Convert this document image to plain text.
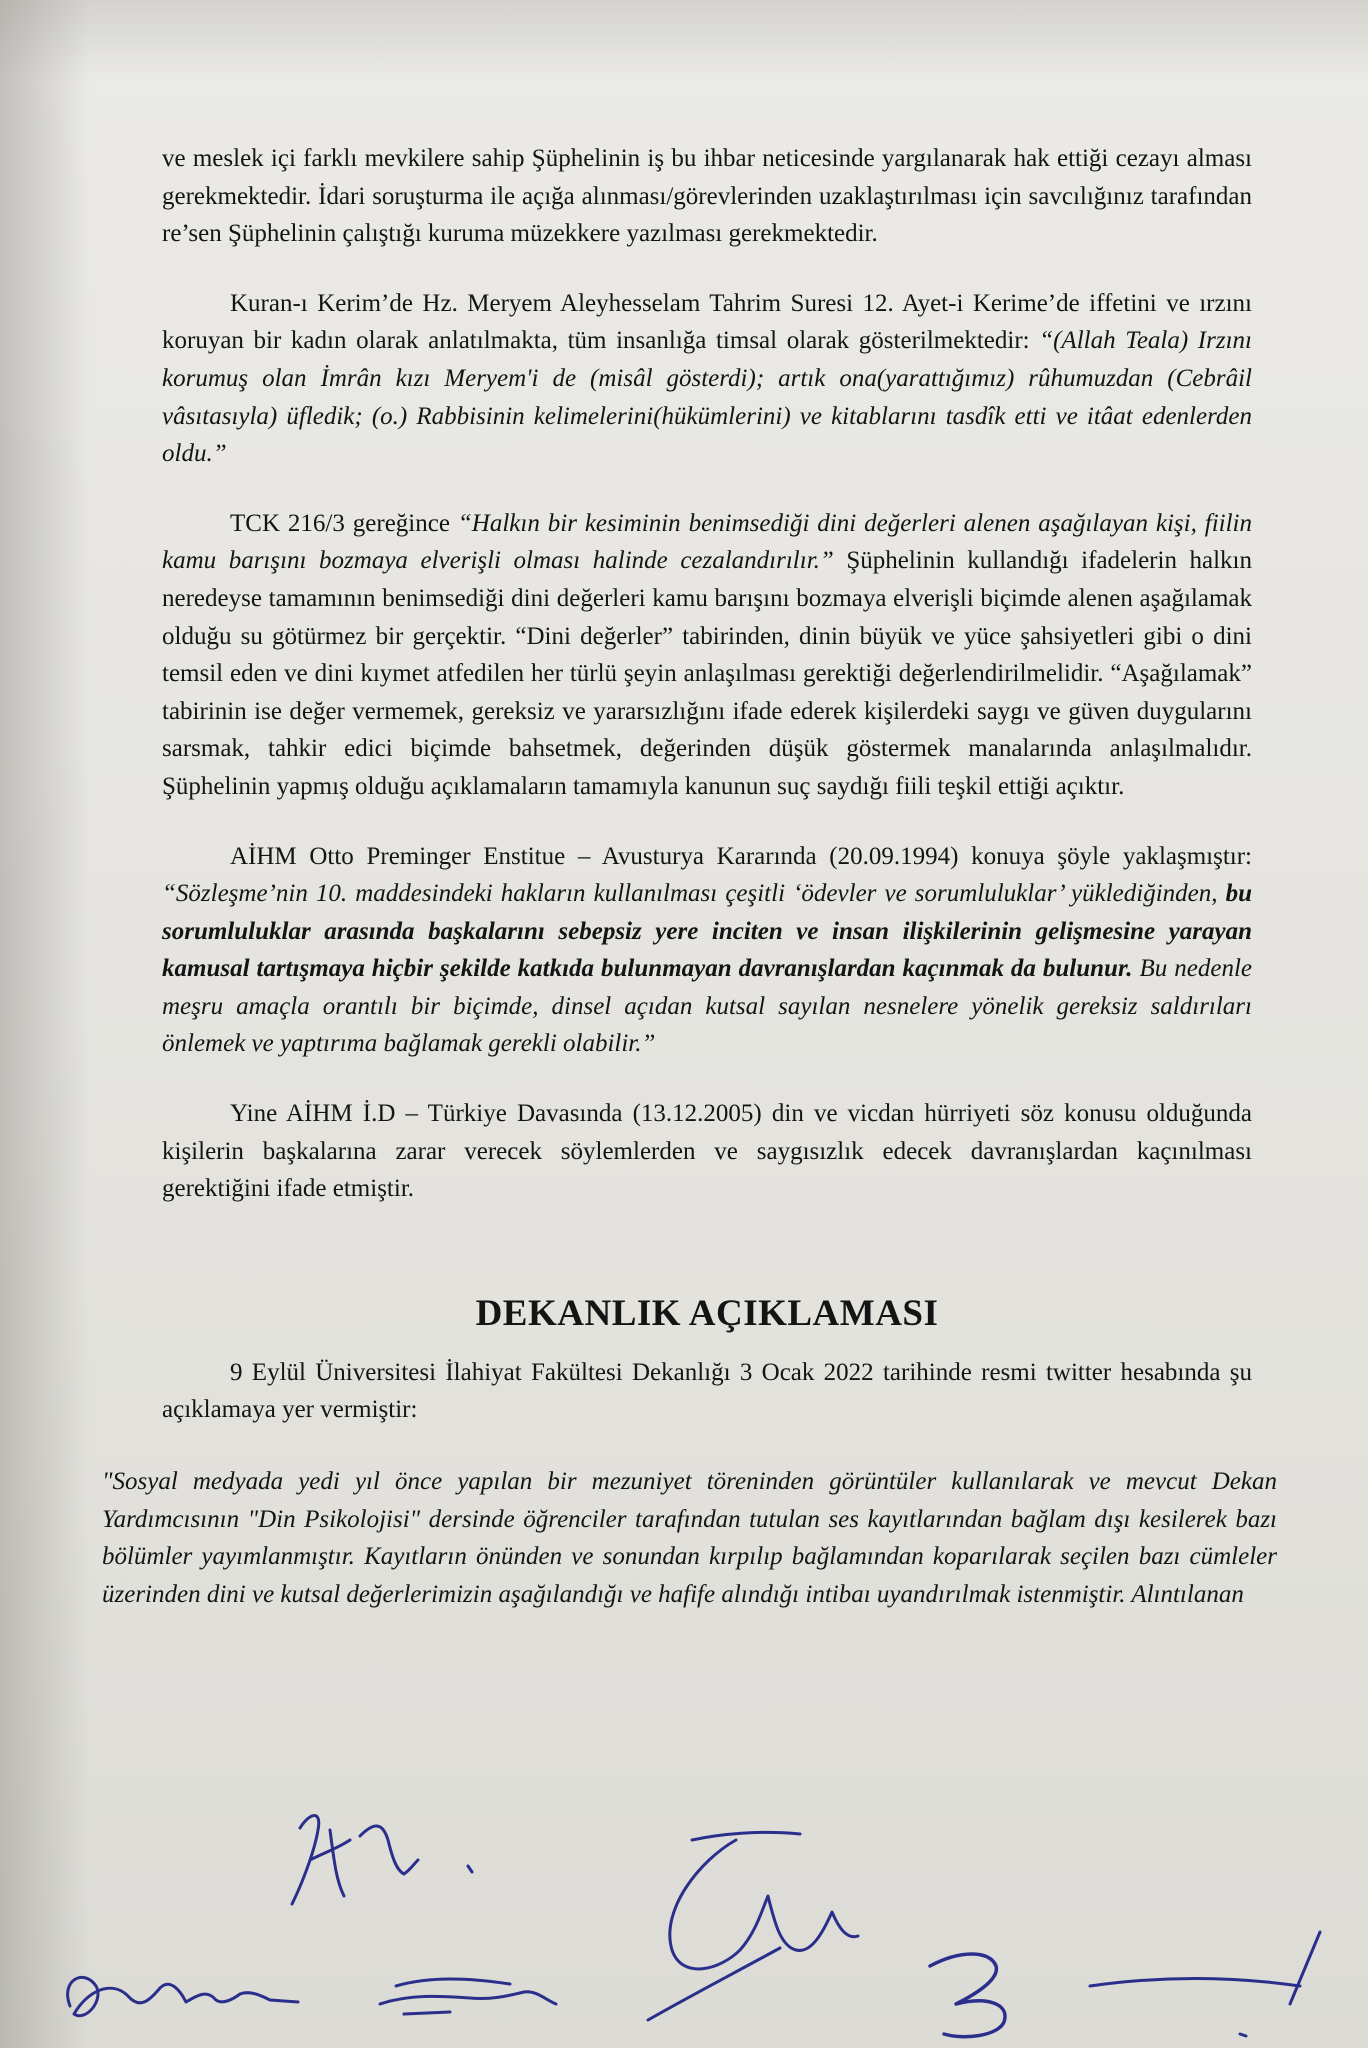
ve meslek içi farklı mevkilere sahip Şüphelinin iş bu ihbar neticesinde yargılanarak hak ettiği cezayı alması gerekmektedir. İdari soruşturma ile açığa alınması/görevlerinden uzaklaştırılması için savcılığınız tarafından re’sen Şüphelinin çalıştığı kuruma müzekkere yazılması gerekmektedir.

Kuran-ı Kerim’de Hz. Meryem Aleyhesselam Tahrim Suresi 12. Ayet-i Kerime’de iffetini ve ırzını koruyan bir kadın olarak anlatılmakta, tüm insanlığa timsal olarak gösterilmektedir: “(Allah Teala) Irzını korumuş olan İmrân kızı Meryem'i de (misâl gösterdi); artık ona(yarattığımız) rûhumuzdan (Cebrâil vâsıtasıyla) üfledik; (o.) Rabbisinin kelimelerini(hükümlerini) ve kitablarını tasdîk etti ve itâat edenlerden oldu.”

TCK 216/3 gereğince “Halkın bir kesiminin benimsediği dini değerleri alenen aşağılayan kişi, fiilin kamu barışını bozmaya elverişli olması halinde cezalandırılır.” Şüphelinin kullandığı ifadelerin halkın neredeyse tamamının benimsediği dini değerleri kamu barışını bozmaya elverişli biçimde alenen aşağılamak olduğu su götürmez bir gerçektir. “Dini değerler” tabirinden, dinin büyük ve yüce şahsiyetleri gibi o dini temsil eden ve dini kıymet atfedilen her türlü şeyin anlaşılması gerektiği değerlendirilmelidir. “Aşağılamak” tabirinin ise değer vermemek, gereksiz ve yararsızlığını ifade ederek kişilerdeki saygı ve güven duygularını sarsmak, tahkir edici biçimde bahsetmek, değerinden düşük göstermek manalarında anlaşılmalıdır. Şüphelinin yapmış olduğu açıklamaların tamamıyla kanunun suç saydığı fiili teşkil ettiği açıktır.

AİHM Otto Preminger Enstitue – Avusturya Kararında (20.09.1994) konuya şöyle yaklaşmıştır: “Sözleşme’nin 10. maddesindeki hakların kullanılması çeşitli ‘ödevler ve sorumluluklar’ yüklediğinden, bu sorumluluklar arasında başkalarını sebepsiz yere inciten ve insan ilişkilerinin gelişmesine yarayan kamusal tartışmaya hiçbir şekilde katkıda bulunmayan davranışlardan kaçınmak da bulunur. Bu nedenle meşru amaçla orantılı bir biçimde, dinsel açıdan kutsal sayılan nesnelere yönelik gereksiz saldırıları önlemek ve yaptırıma bağlamak gerekli olabilir.”

Yine AİHM İ.D – Türkiye Davasında (13.12.2005) din ve vicdan hürriyeti söz konusu olduğunda kişilerin başkalarına zarar verecek söylemlerden ve saygısızlık edecek davranışlardan kaçınılması gerektiğini ifade etmiştir.

DEKANLIK AÇIKLAMASI

9 Eylül Üniversitesi İlahiyat Fakültesi Dekanlığı 3 Ocak 2022 tarihinde resmi twitter hesabında şu açıklamaya yer vermiştir:

"Sosyal medyada yedi yıl önce yapılan bir mezuniyet töreninden görüntüler kullanılarak ve mevcut Dekan Yardımcısının "Din Psikolojisi" dersinde öğrenciler tarafından tutulan ses kayıtlarından bağlam dışı kesilerek bazı bölümler yayımlanmıştır. Kayıtların önünden ve sonundan kırpılıp bağlamından koparılarak seçilen bazı cümleler üzerinden dini ve kutsal değerlerimizin aşağılandığı ve hafife alındığı intibaı uyandırılmak istenmiştir. Alıntılanan
